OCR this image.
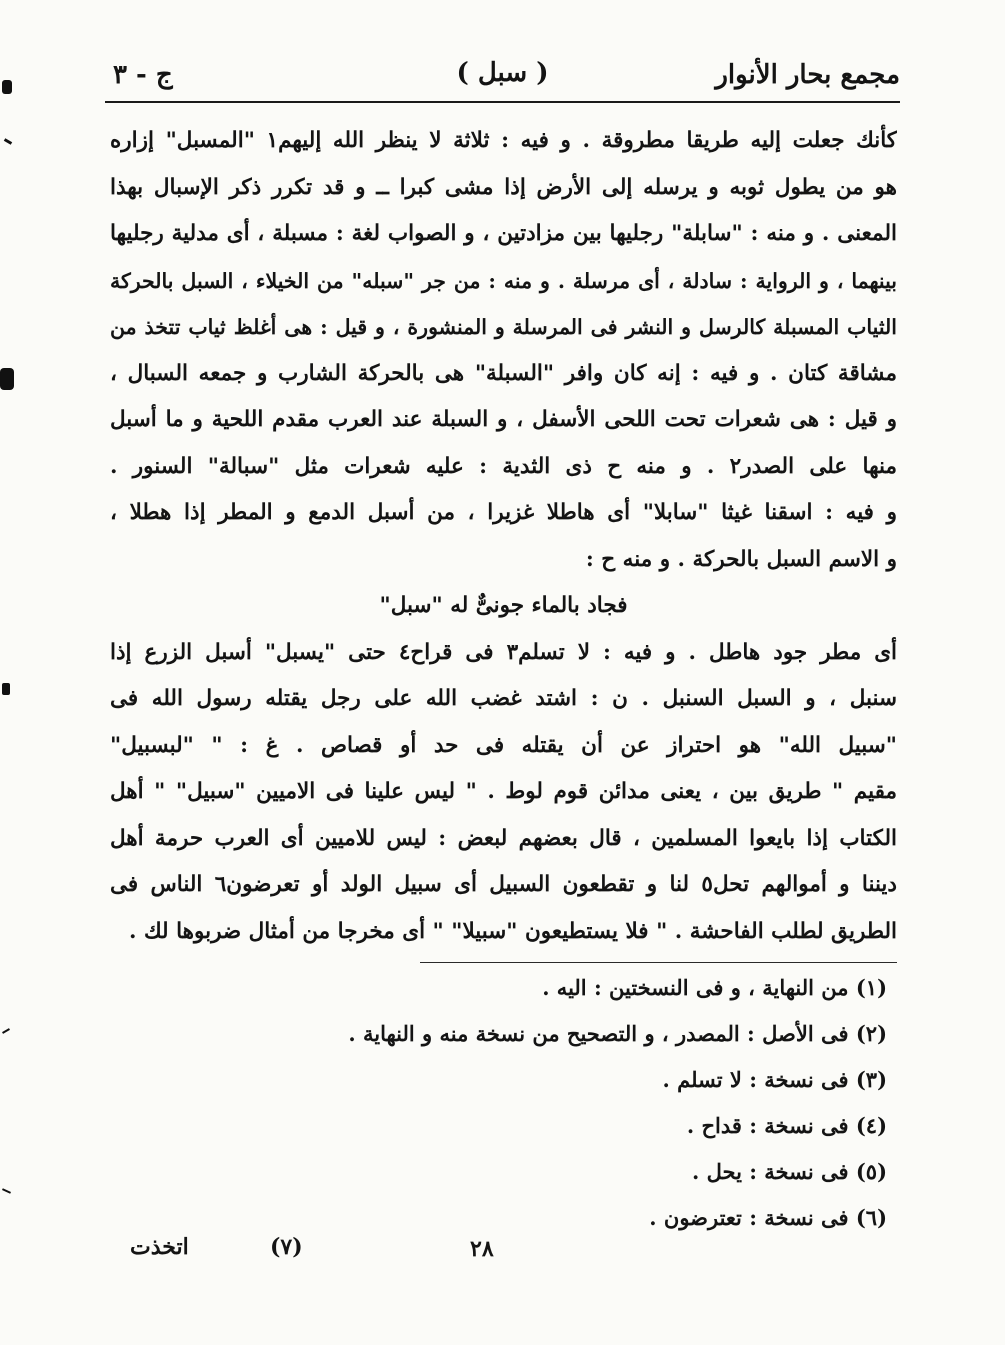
مجمع بحار الأنوار
( سبل )
ج - ٣
كأنك جعلت إليه طريقا مطروقة . و فيه : ثلاثة لا ينظر الله إليهم١ "المسبل" إزاره
هو من يطول ثوبه و يرسله إلى الأرض إذا مشى كبرا ــ و قد تكرر ذكر الإسبال بهذا
المعنى . و منه : "سابلة" رجليها بين مزادتين ، و الصواب لغة : مسبلة ، أى مدلية رجليها
بينهما ، و الرواية : سادلة ، أى مرسلة . و منه : من جر "سبله" من الخيلاء ، السبل بالحركة
الثياب المسبلة كالرسل و النشر فى المرسلة و المنشورة ، و قيل : هى أغلظ ثياب تتخذ من
مشاقة كتان . و فيه : إنه كان وافر "السبلة" هى بالحركة الشارب و جمعه السبال ،
و قيل : هى شعرات تحت اللحى الأسفل ، و السبلة عند العرب مقدم اللحية و ما أسبل
منها على الصدر٢ . و منه ح ذى الثدية : عليه شعرات مثل "سبالة" السنور .
و فيه : اسقنا غيثا "سابلا" أى هاطلا غزيرا ، من أسبل الدمع و المطر إذا هطلا ،
و الاسم السبل بالحركة . و منه ح :
فجاد بالماء جونىٌّ له "سبل"
أى مطر جود هاطل . و فيه : لا تسلم٣ فى قراح٤ حتى "يسبل" أسبل الزرع إذا
سنبل ، و السبل السنبل . ن : اشتد غضب الله على رجل يقتله رسول الله فى
"سبيل الله" هو احتراز عن أن يقتله فى حد أو قصاص . غ : " "لبسبيل"
مقيم " طريق بين ، يعنى مدائن قوم لوط . " ليس علينا فى الاميين "سبيل" " أهل
الكتاب إذا بايعوا المسلمين ، قال بعضهم لبعض : ليس للاميين أى العرب حرمة أهل
ديننا و أموالهم تحل٥ لنا و تقطعون السبيل أى سبيل الولد أو تعرضون٦ الناس فى
الطريق لطلب الفاحشة . " فلا يستطيعون "سبيلا" " أى مخرجا من أمثال ضربوها لك .
(١) من النهاية ، و فى النسختين : اليه .
(٢) فى الأصل : المصدر ، و التصحيح من نسخة منه و النهاية .
(٣) فى نسخة : لا تسلم .
(٤) فى نسخة : قداح .
(٥) فى نسخة : يحل .
(٦) فى نسخة : تعترضون .
٢٨
(٧)
اتخذت
